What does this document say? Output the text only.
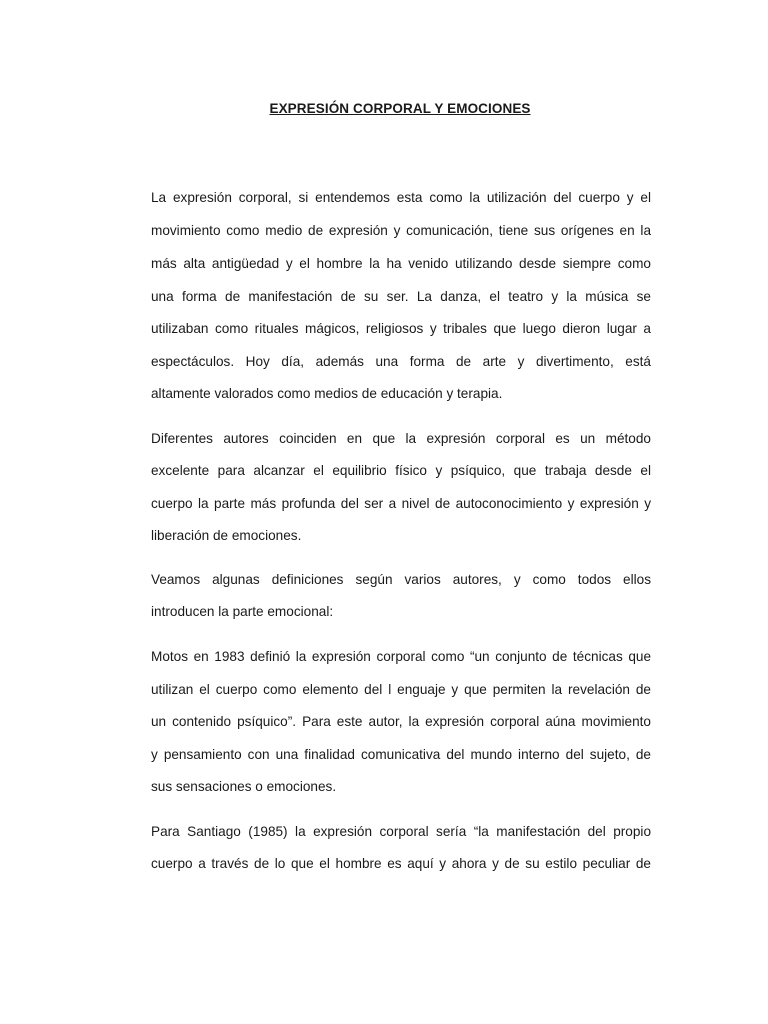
EXPRESIÓN CORPORAL Y EMOCIONES
La expresión corporal, si entendemos esta como la utilización del cuerpo y el
movimiento como medio de expresión y comunicación, tiene sus orígenes en la
más alta antigüedad y el hombre la ha venido utilizando desde siempre como
una forma de manifestación de su ser. La danza, el teatro y la música se
utilizaban como rituales mágicos, religiosos y tribales que luego dieron lugar a
espectáculos. Hoy día, además una forma de arte y divertimento, está
altamente valorados como medios de educación y terapia.
Diferentes autores coinciden en que la expresión corporal es un método
excelente para alcanzar el equilibrio físico y psíquico, que trabaja desde el
cuerpo la parte más profunda del ser a nivel de autoconocimiento y expresión y
liberación de emociones.
Veamos algunas definiciones según varios autores, y como todos ellos
introducen la parte emocional:
Motos en 1983 definió la expresión corporal como “un conjunto de técnicas que
utilizan el cuerpo como elemento del l enguaje y que permiten la revelación de
un contenido psíquico”. Para este autor, la expresión corporal aúna movimiento
y pensamiento con una finalidad comunicativa del mundo interno del sujeto, de
sus sensaciones o emociones.
Para Santiago (1985) la expresión corporal sería “la manifestación del propio
cuerpo a través de lo que el hombre es aquí y ahora y de su estilo peculiar de
